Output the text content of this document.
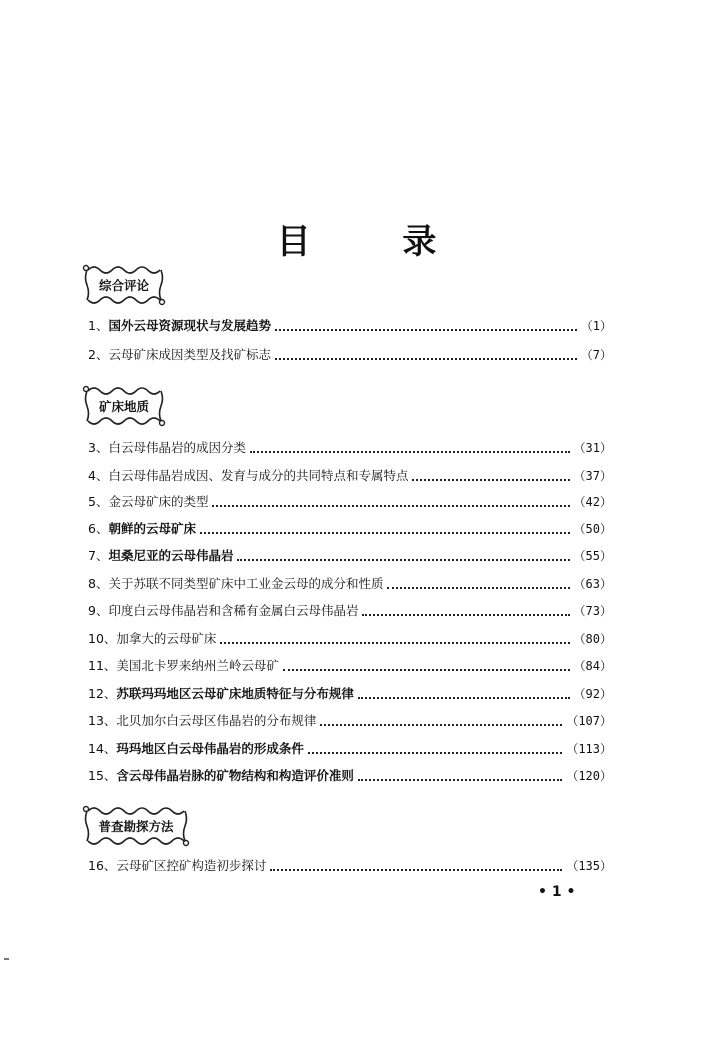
目 录
综合评论
1、 国外云母资源现状与发展趋势	（1）
2、 云母矿床成因类型及找矿标志	（7）
矿床地质
3、 白云母伟晶岩的成因分类	（31）
4、 白云母伟晶岩成因、发育与成分的共同特点和专属特点	（37）
5、 金云母矿床的类型	（42）
6、 朝鲜的云母矿床	（50）
7、 坦桑尼亚的云母伟晶岩	（55）
8、 关于苏联不同类型矿床中工业金云母的成分和性质	（63）
9、 印度白云母伟晶岩和含稀有金属白云母伟晶岩	（73）
10、 加拿大的云母矿床	（80）
11、 美国北卡罗来纳州兰岭云母矿	（84）
12、 苏联玛玛地区云母矿床地质特征与分布规律	（92）
13、 北贝加尔白云母区伟晶岩的分布规律	（107）
14、 玛玛地区白云母伟晶岩的形成条件	（113）
15、 含云母伟晶岩脉的矿物结构和构造评价准则	（120）
普查勘探方法
16、 云母矿区控矿构造初步探讨	（135）
• 1 •
